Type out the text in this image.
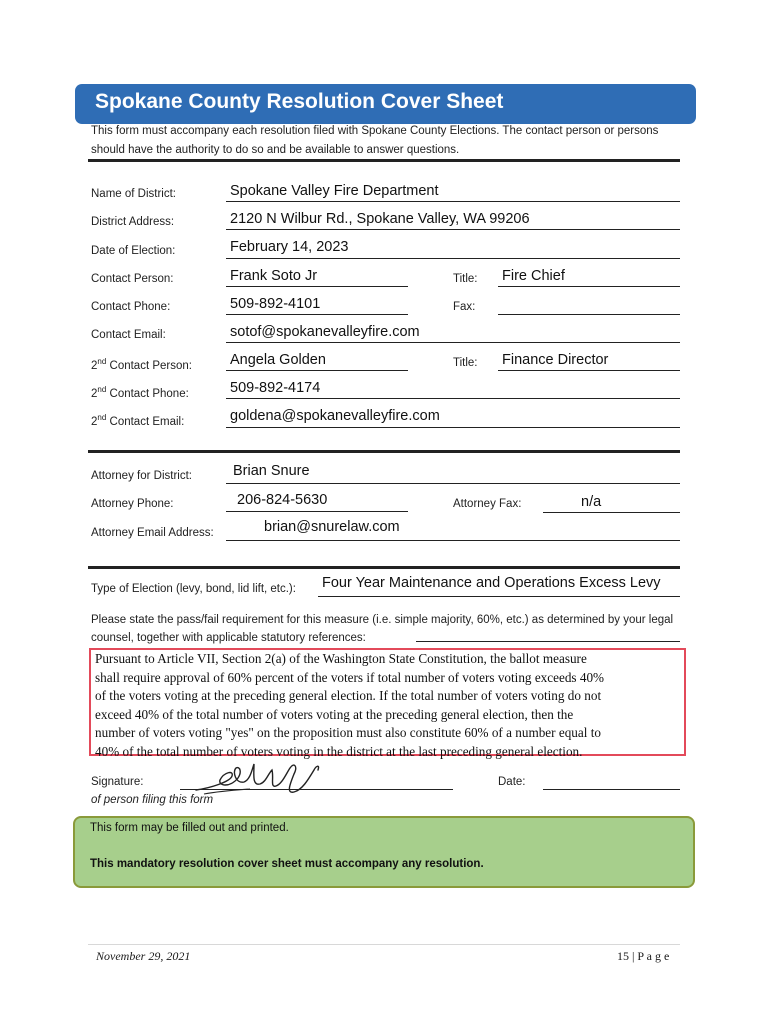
Spokane County Resolution Cover Sheet
This form must accompany each resolution filed with Spokane County Elections. The contact person or persons should have the authority to do so and be available to answer questions.
Name of District:	Spokane Valley Fire Department
District Address:	2120 N Wilbur Rd., Spokane Valley, WA 99206
Date of Election:	February 14, 2023
Contact Person:	Frank Soto Jr	Title: Fire Chief
Contact Phone:	509-892-4101	Fax:
Contact Email:	sotof@spokanevalleyfire.com
2nd Contact Person:	Angela Golden	Title: Finance Director
2nd Contact Phone:	509-892-4174
2nd Contact Email:	goldena@spokanevalleyfire.com
Attorney for District:	Brian Snure
Attorney Phone:	206-824-5630	Attorney Fax:	n/a
Attorney Email Address:	brian@snurelaw.com
Type of Election (levy, bond, lid lift, etc.): Four Year Maintenance and Operations Excess Levy
Please state the pass/fail requirement for this measure (i.e. simple majority, 60%, etc.) as determined by your legal counsel, together with applicable statutory references:
Pursuant to Article VII, Section 2(a) of the Washington State Constitution, the ballot measure
shall require approval of 60% percent of the voters if total number of voters voting exceeds 40%
of the voters voting at the preceding general election. If the total number of voters voting do not
exceed 40% of the total number of voters voting at the preceding general election, then the
number of voters voting "yes" on the proposition must also constitute 60% of a number equal to
40% of the total number of voters voting in the district at the last preceding general election.
Signature:
of person filing this form
Date:
This form may be filled out and printed.
This mandatory resolution cover sheet must accompany any resolution.
November 29, 2021	15 | P a g e
